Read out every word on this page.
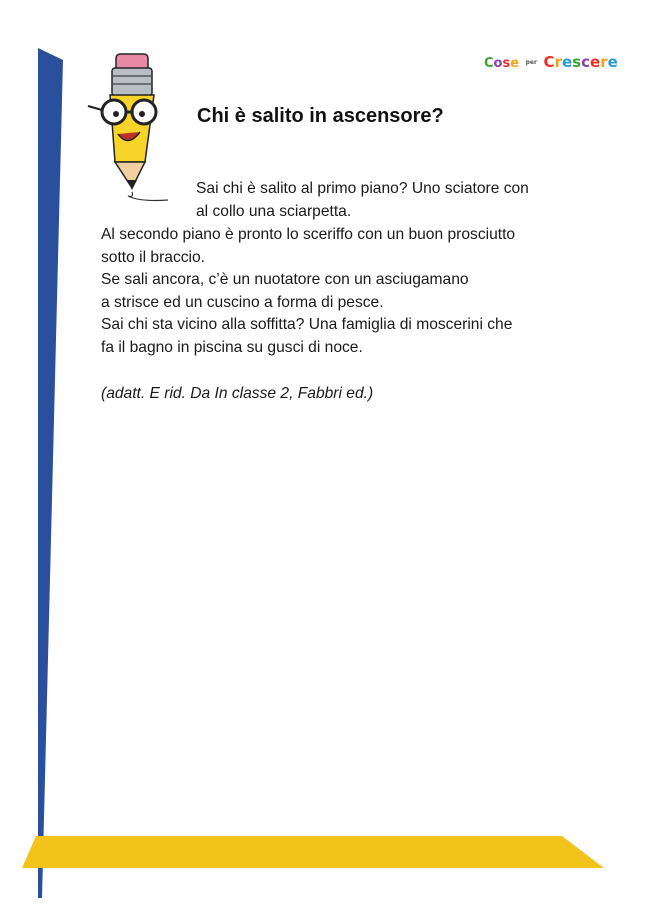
Cose per Crescere
Chi è salito in ascensore?

Sai chi è salito al primo piano? Uno sciatore con
al collo una sciarpetta.

Al secondo piano è pronto lo sceriffo con un buon prosciutto
sotto il braccio.
Se sali ancora, c’è un nuotatore con un asciugamano
a strisce ed un cuscino a forma di pesce.
Sai chi sta vicino alla soffitta? Una famiglia di moscerini che
fa il bagno in piscina su gusci di noce.

(adatt. E rid. Da In classe 2, Fabbri ed.)
